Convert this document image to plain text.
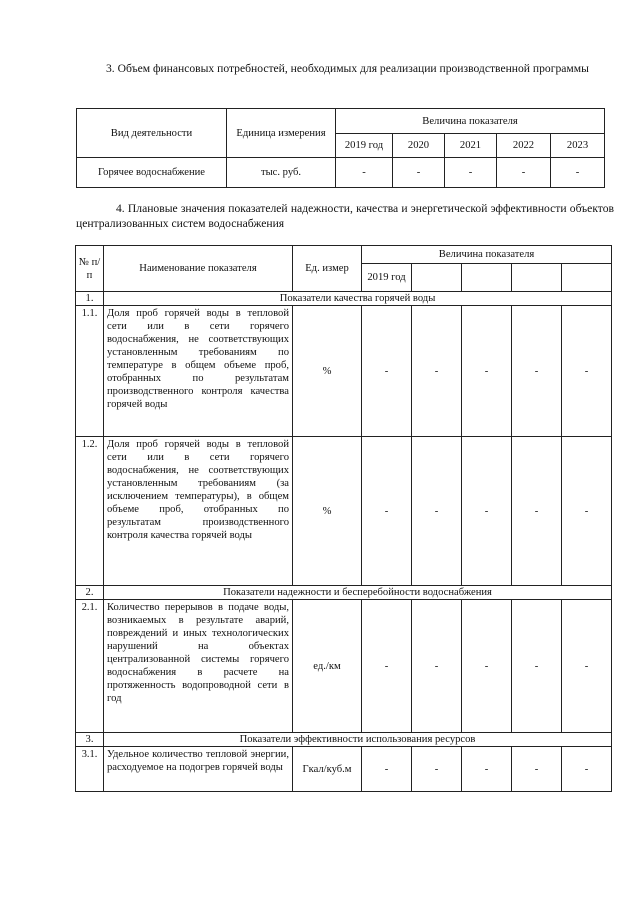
3. Объем финансовых потребностей, необходимых для реализации производственной программы

Вид деятельности	Единица измерения	Величина показателя				
		2019 год	2020	2021	2022	2023
Горячее водоснабжение	тыс. руб.	-	-	-	-	-

4. Плановые значения показателей надежности, качества и энергетической эффективности объектов централизованных систем водоснабжения

№ п/п	Наименование показателя	Ед. измер	Величина показателя				
			2019 год				
1.	Показатели качества горячей воды						
1.1.	Доля проб горячей воды в тепловой сети или в сети горячего водоснабжения, не соответствующих установленным требованиям по температуре в общем объеме проб, отобранных по результатам производственного контроля качества горячей воды	%	-	-	-	-	-
1.2.	Доля проб горячей воды в тепловой сети или в сети горячего водоснабжения, не соответствующих установленным требованиям (за исключением температуры), в общем объеме проб, отобранных по результатам производственного контроля качества горячей воды	%	-	-	-	-	-
2.	Показатели надежности и бесперебойности водоснабжения						
2.1.	Количество перерывов в подаче воды, возникаемых в результате аварий, повреждений и иных технологических нарушений на объектах централизованной системы горячего водоснабжения в расчете на протяженность водопроводной сети в год	ед./км	-	-	-	-	-
3.	Показатели эффективности использования ресурсов						
3.1.	Удельное количество тепловой энергии, расходуемое на подогрев горячей воды	Гкал/куб.м	-	-	-	-	-
